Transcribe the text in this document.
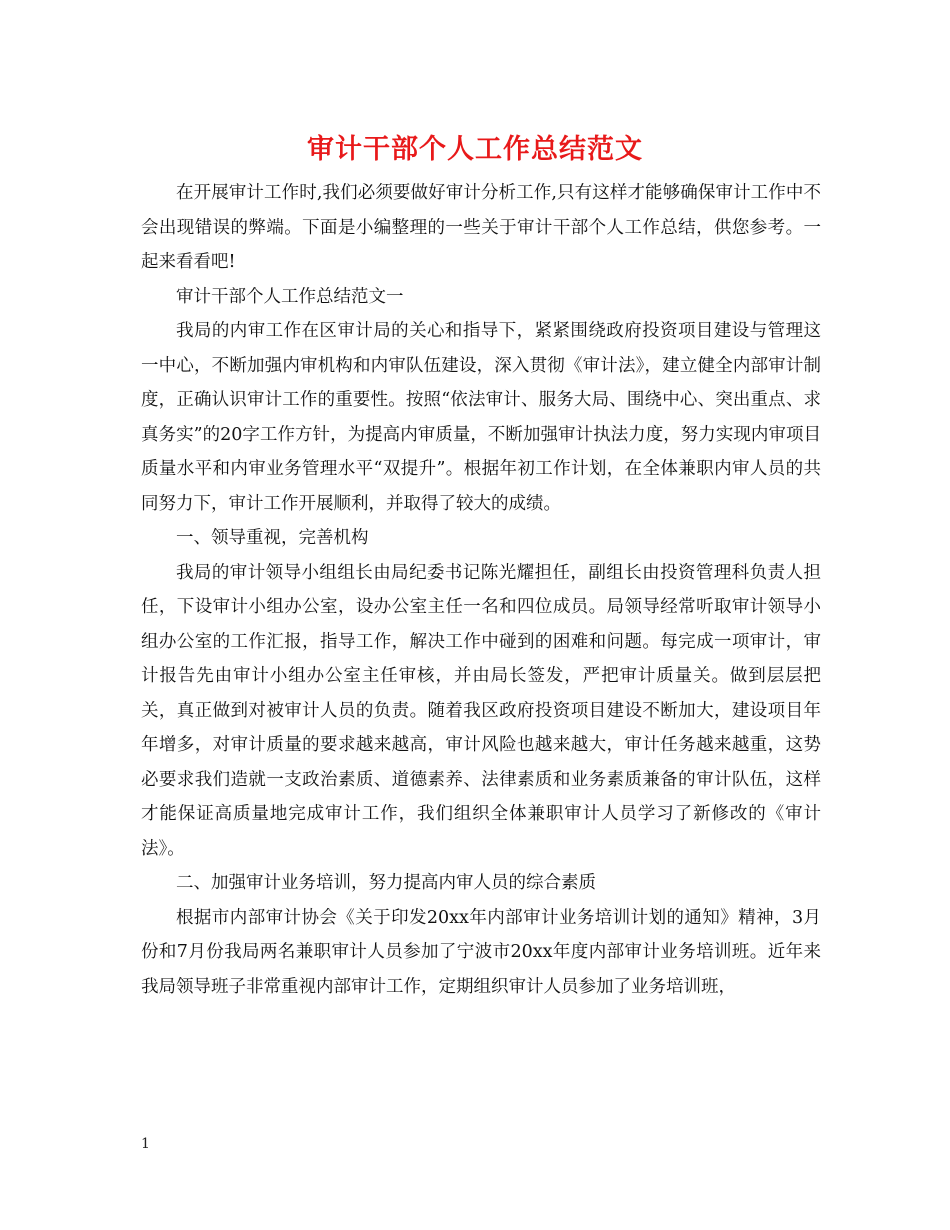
审计干部个人工作总结范文

在开展审计工作时,我们必须要做好审计分析工作,只有这样才能够确保审计工作中不会出现错误的弊端。下面是小编整理的一些关于审计干部个人工作总结，供您参考。一起来看看吧!

审计干部个人工作总结范文一

我局的内审工作在区审计局的关心和指导下，紧紧围绕政府投资项目建设与管理这一中心，不断加强内审机构和内审队伍建设，深入贯彻《审计法》，建立健全内部审计制度，正确认识审计工作的重要性。按照“依法审计、服务大局、围绕中心、突出重点、求真务实”的20字工作方针，为提高内审质量，不断加强审计执法力度，努力实现内审项目质量水平和内审业务管理水平“双提升”。根据年初工作计划，在全体兼职内审人员的共同努力下，审计工作开展顺利，并取得了较大的成绩。

一、领导重视，完善机构

我局的审计领导小组组长由局纪委书记陈光耀担任，副组长由投资管理科负责人担任，下设审计小组办公室，设办公室主任一名和四位成员。局领导经常听取审计领导小组办公室的工作汇报，指导工作，解决工作中碰到的困难和问题。每完成一项审计，审计报告先由审计小组办公室主任审核，并由局长签发，严把审计质量关。做到层层把关，真正做到对被审计人员的负责。随着我区政府投资项目建设不断加大，建设项目年年增多，对审计质量的要求越来越高，审计风险也越来越大，审计任务越来越重，这势必要求我们造就一支政治素质、道德素养、法律素质和业务素质兼备的审计队伍，这样才能保证高质量地完成审计工作，我们组织全体兼职审计人员学习了新修改的《审计法》。

二、加强审计业务培训，努力提高内审人员的综合素质

根据市内部审计协会《关于印发20xx年内部审计业务培训计划的通知》精神，3月份和7月份我局两名兼职审计人员参加了宁波市20xx年度内部审计业务培训班。近年来我局领导班子非常重视内部审计工作，定期组织审计人员参加了业务培训班，

1
